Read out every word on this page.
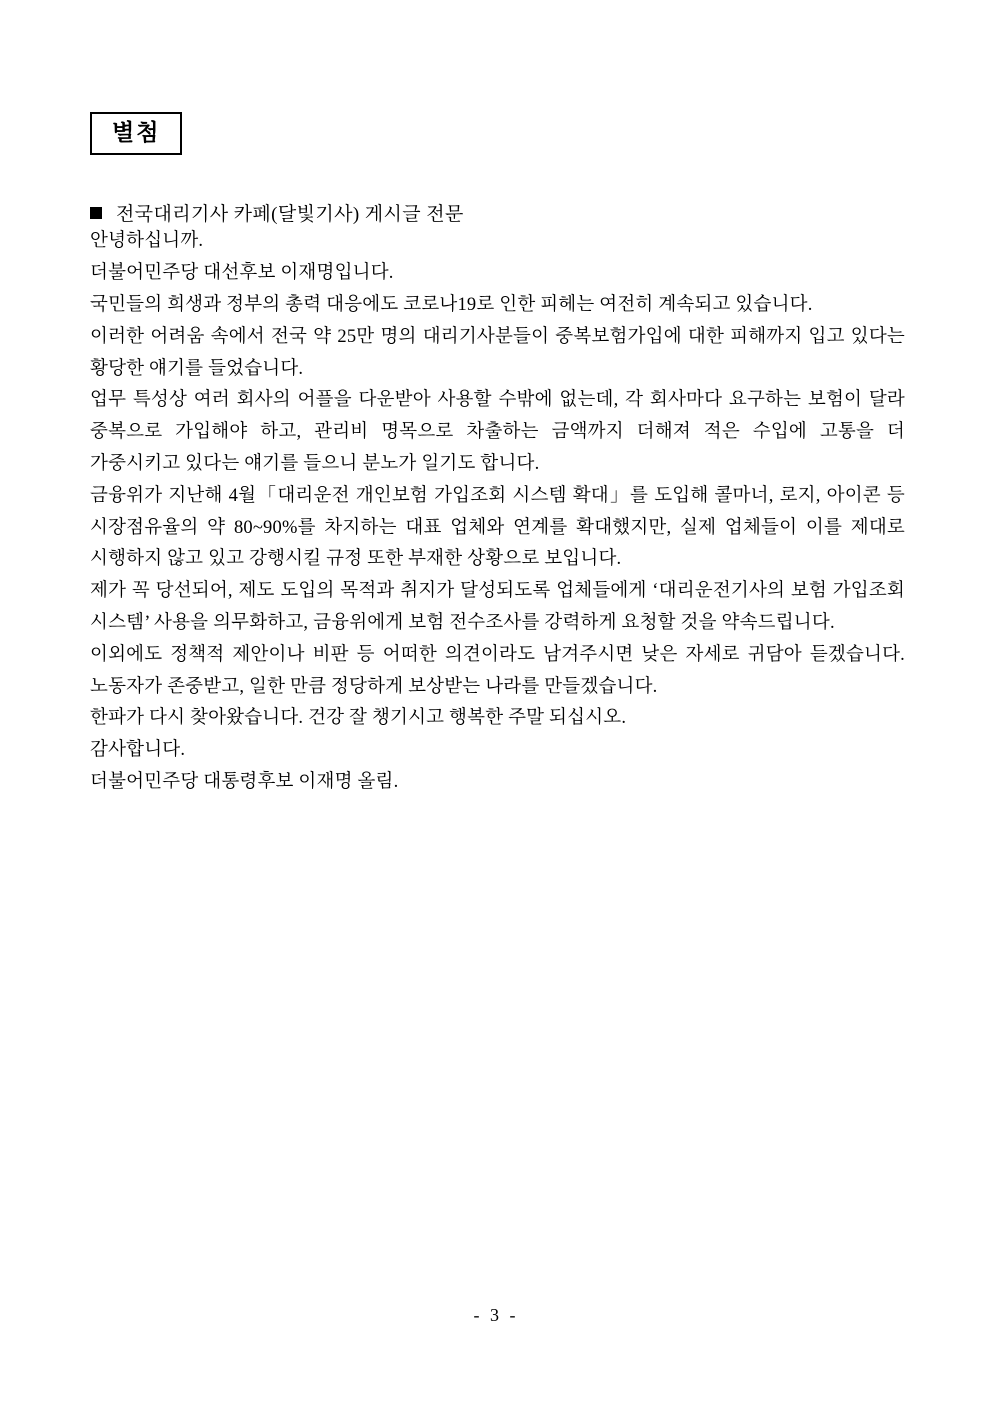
별첨
전국대리기사 카페(달빛기사) 게시글 전문

안녕하십니까.

더불어민주당 대선후보 이재명입니다.

국민들의 희생과 정부의 총력 대응에도 코로나19로 인한 피헤는 여전히 계속되고 있습니다.

이러한 어려움 속에서 전국 약 25만 명의 대리기사분들이 중복보험가입에 대한 피해까지 입고 있다는 황당한 얘기를 들었습니다.

업무 특성상 여러 회사의 어플을 다운받아 사용할 수밖에 없는데, 각 회사마다 요구하는 보험이 달라 중복으로 가입해야 하고, 관리비 명목으로 차출하는 금액까지 더해져 적은 수입에 고통을 더 가중시키고 있다는 얘기를 들으니 분노가 일기도 합니다.

금융위가 지난해 4월「대리운전 개인보험 가입조회 시스템 확대」를 도입해 콜마너, 로지, 아이콘 등 시장점유율의 약 80~90%를 차지하는 대표 업체와 연계를 확대했지만, 실제 업체들이 이를 제대로 시행하지 않고 있고 강행시킬 규정 또한 부재한 상황으로 보입니다.

제가 꼭 당선되어, 제도 도입의 목적과 취지가 달성되도록 업체들에게 ‘대리운전기사의 보험 가입조회 시스템’ 사용을 의무화하고, 금융위에게 보험 전수조사를 강력하게 요청할 것을 약속드립니다.

이외에도 정책적 제안이나 비판 등 어떠한 의견이라도 남겨주시면 낮은 자세로 귀담아 듣겠습니다. 노동자가 존중받고, 일한 만큼 정당하게 보상받는 나라를 만들겠습니다.

한파가 다시 찾아왔습니다. 건강 잘 챙기시고 행복한 주말 되십시오.

감사합니다.

더불어민주당 대통령후보 이재명 올림.

- 3 -
